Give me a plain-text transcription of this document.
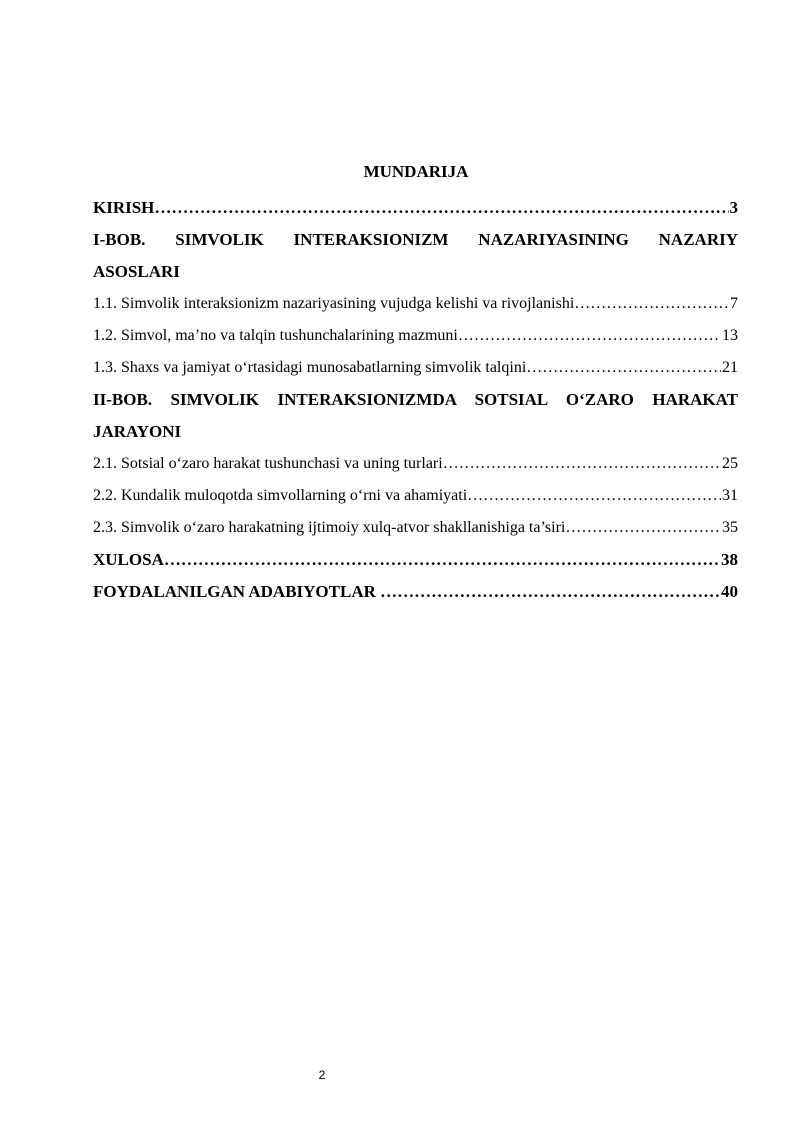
MUNDARIJA
KIRISH ……………………………………………………………………………………………………………………………………………………………………	3
I-BOB. SIMVOLIK INTERAKSIONIZM NAZARIYASINING NAZARIY
ASOSLARI
1.1. Simvolik interaksionizm nazariyasining vujudga kelishi va rivojlanishi ……………………………………………………………………………………………………………………………………………………………………	7
1.2. Simvol, ma’no va talqin tushunchalarining mazmuni ……………………………………………………………………………………………………………………………………………………………………	13
1.3. Shaxs va jamiyat o‘rtasidagi munosabatlarning simvolik talqini ……………………………………………………………………………………………………………………………………………………………………	21
II-BOB. SIMVOLIK INTERAKSIONIZMDA SOTSIAL O‘ZARO HARAKAT
JARAYONI
2.1. Sotsial o‘zaro harakat tushunchasi va uning turlari ……………………………………………………………………………………………………………………………………………………………………	25
2.2. Kundalik muloqotda simvollarning o‘rni va ahamiyati ……………………………………………………………………………………………………………………………………………………………………	31
2.3. Simvolik o‘zaro harakatning ijtimoiy xulq-atvor shakllanishiga ta’siri ……………………………………………………………………………………………………………………………………………………………………	35
XULOSA ……………………………………………………………………………………………………………………………………………………………………	38
FOYDALANILGAN ADABIYOTLAR ……………………………………………………………………………………………………………………………………………………………………	40
2
